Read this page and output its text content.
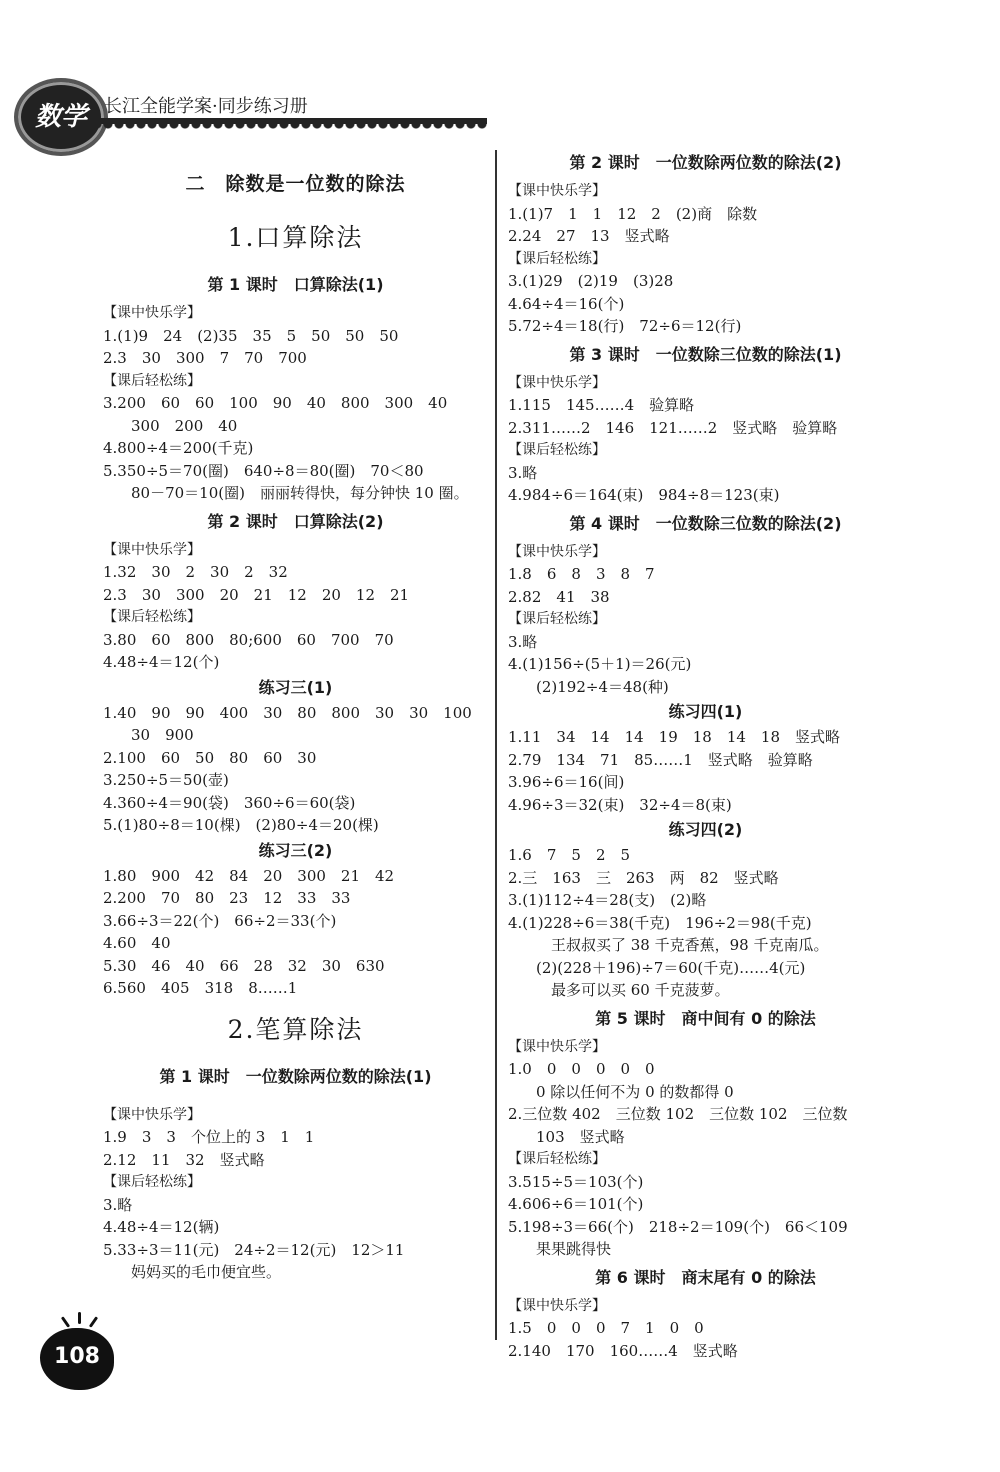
数学 长江全能学案·同步练习册
二　除数是一位数的除法
1.口算除法
第 1 课时　口算除法(1)
【课中快乐学】
1.(1)9　24　(2)35　35　5　50　50　50
2.3　30　300　7　70　700
【课后轻松练】
3.200　60　60　100　90　40　800　300　40
300　200　40
4.800÷4＝200(千克)
5.350÷5＝70(圈)　640÷8＝80(圈)　70＜80
80－70＝10(圈)　丽丽转得快，每分钟快 10 圈。
第 2 课时　口算除法(2)
【课中快乐学】
1.32　30　2　30　2　32
2.3　30　300　20　21　12　20　12　21
【课后轻松练】
3.80　60　800　80;600　60　700　70
4.48÷4＝12(个)
练习三(1)
1.40　90　90　400　30　80　800　30　30　100
30　900
2.100　60　50　80　60　30
3.250÷5＝50(壶)
4.360÷4＝90(袋)　360÷6＝60(袋)
5.(1)80÷8＝10(棵)　(2)80÷4＝20(棵)
练习三(2)
1.80　900　42　84　20　300　21　42
2.200　70　80　23　12　33　33
3.66÷3＝22(个)　66÷2＝33(个)
4.60　40
5.30　46　40　66　28　32　30　630
6.560　405　318　8……1
2.笔算除法
第 1 课时　一位数除两位数的除法(1)
【课中快乐学】
1.9　3　3　个位上的 3　1　1
2.12　11　32　竖式略
【课后轻松练】
3.略
4.48÷4＝12(辆)
5.33÷3＝11(元)　24÷2＝12(元)　12＞11
妈妈买的毛巾便宜些。
第 2 课时　一位数除两位数的除法(2)
【课中快乐学】
1.(1)7　1　1　12　2　(2)商　除数
2.24　27　13　竖式略
【课后轻松练】
3.(1)29　(2)19　(3)28
4.64÷4＝16(个)
5.72÷4＝18(行)　72÷6＝12(行)
第 3 课时　一位数除三位数的除法(1)
【课中快乐学】
1.115　145……4　验算略
2.311……2　146　121……2　竖式略　验算略
【课后轻松练】
3.略
4.984÷6＝164(束)　984÷8＝123(束)
第 4 课时　一位数除三位数的除法(2)
【课中快乐学】
1.8　6　8　3　8　7
2.82　41　38
【课后轻松练】
3.略
4.(1)156÷(5＋1)＝26(元)
(2)192÷4＝48(种)
练习四(1)
1.11　34　14　14　19　18　14　18　竖式略
2.79　134　71　85……1　竖式略　验算略
3.96÷6＝16(间)
4.96÷3＝32(束)　32÷4＝8(束)
练习四(2)
1.6　7　5　2　5
2.三　163　三　263　两　82　竖式略
3.(1)112÷4＝28(支)　(2)略
4.(1)228÷6＝38(千克)　196÷2＝98(千克)
　王叔叔买了 38 千克香蕉，98 千克南瓜。
(2)(228＋196)÷7＝60(千克)……4(元)
　最多可以买 60 千克菠萝。
第 5 课时　商中间有 0 的除法
【课中快乐学】
1.0　0　0　0　0　0
0 除以任何不为 0 的数都得 0
2.三位数 402　三位数 102　三位数 102　三位数
103　竖式略
【课后轻松练】
3.515÷5＝103(个)
4.606÷6＝101(个)
5.198÷3＝66(个)　218÷2＝109(个)　66＜109
果果跳得快
第 6 课时　商末尾有 0 的除法
【课中快乐学】
1.5　0　0　0　7　1　0　0
2.140　170　160……4　竖式略
108
